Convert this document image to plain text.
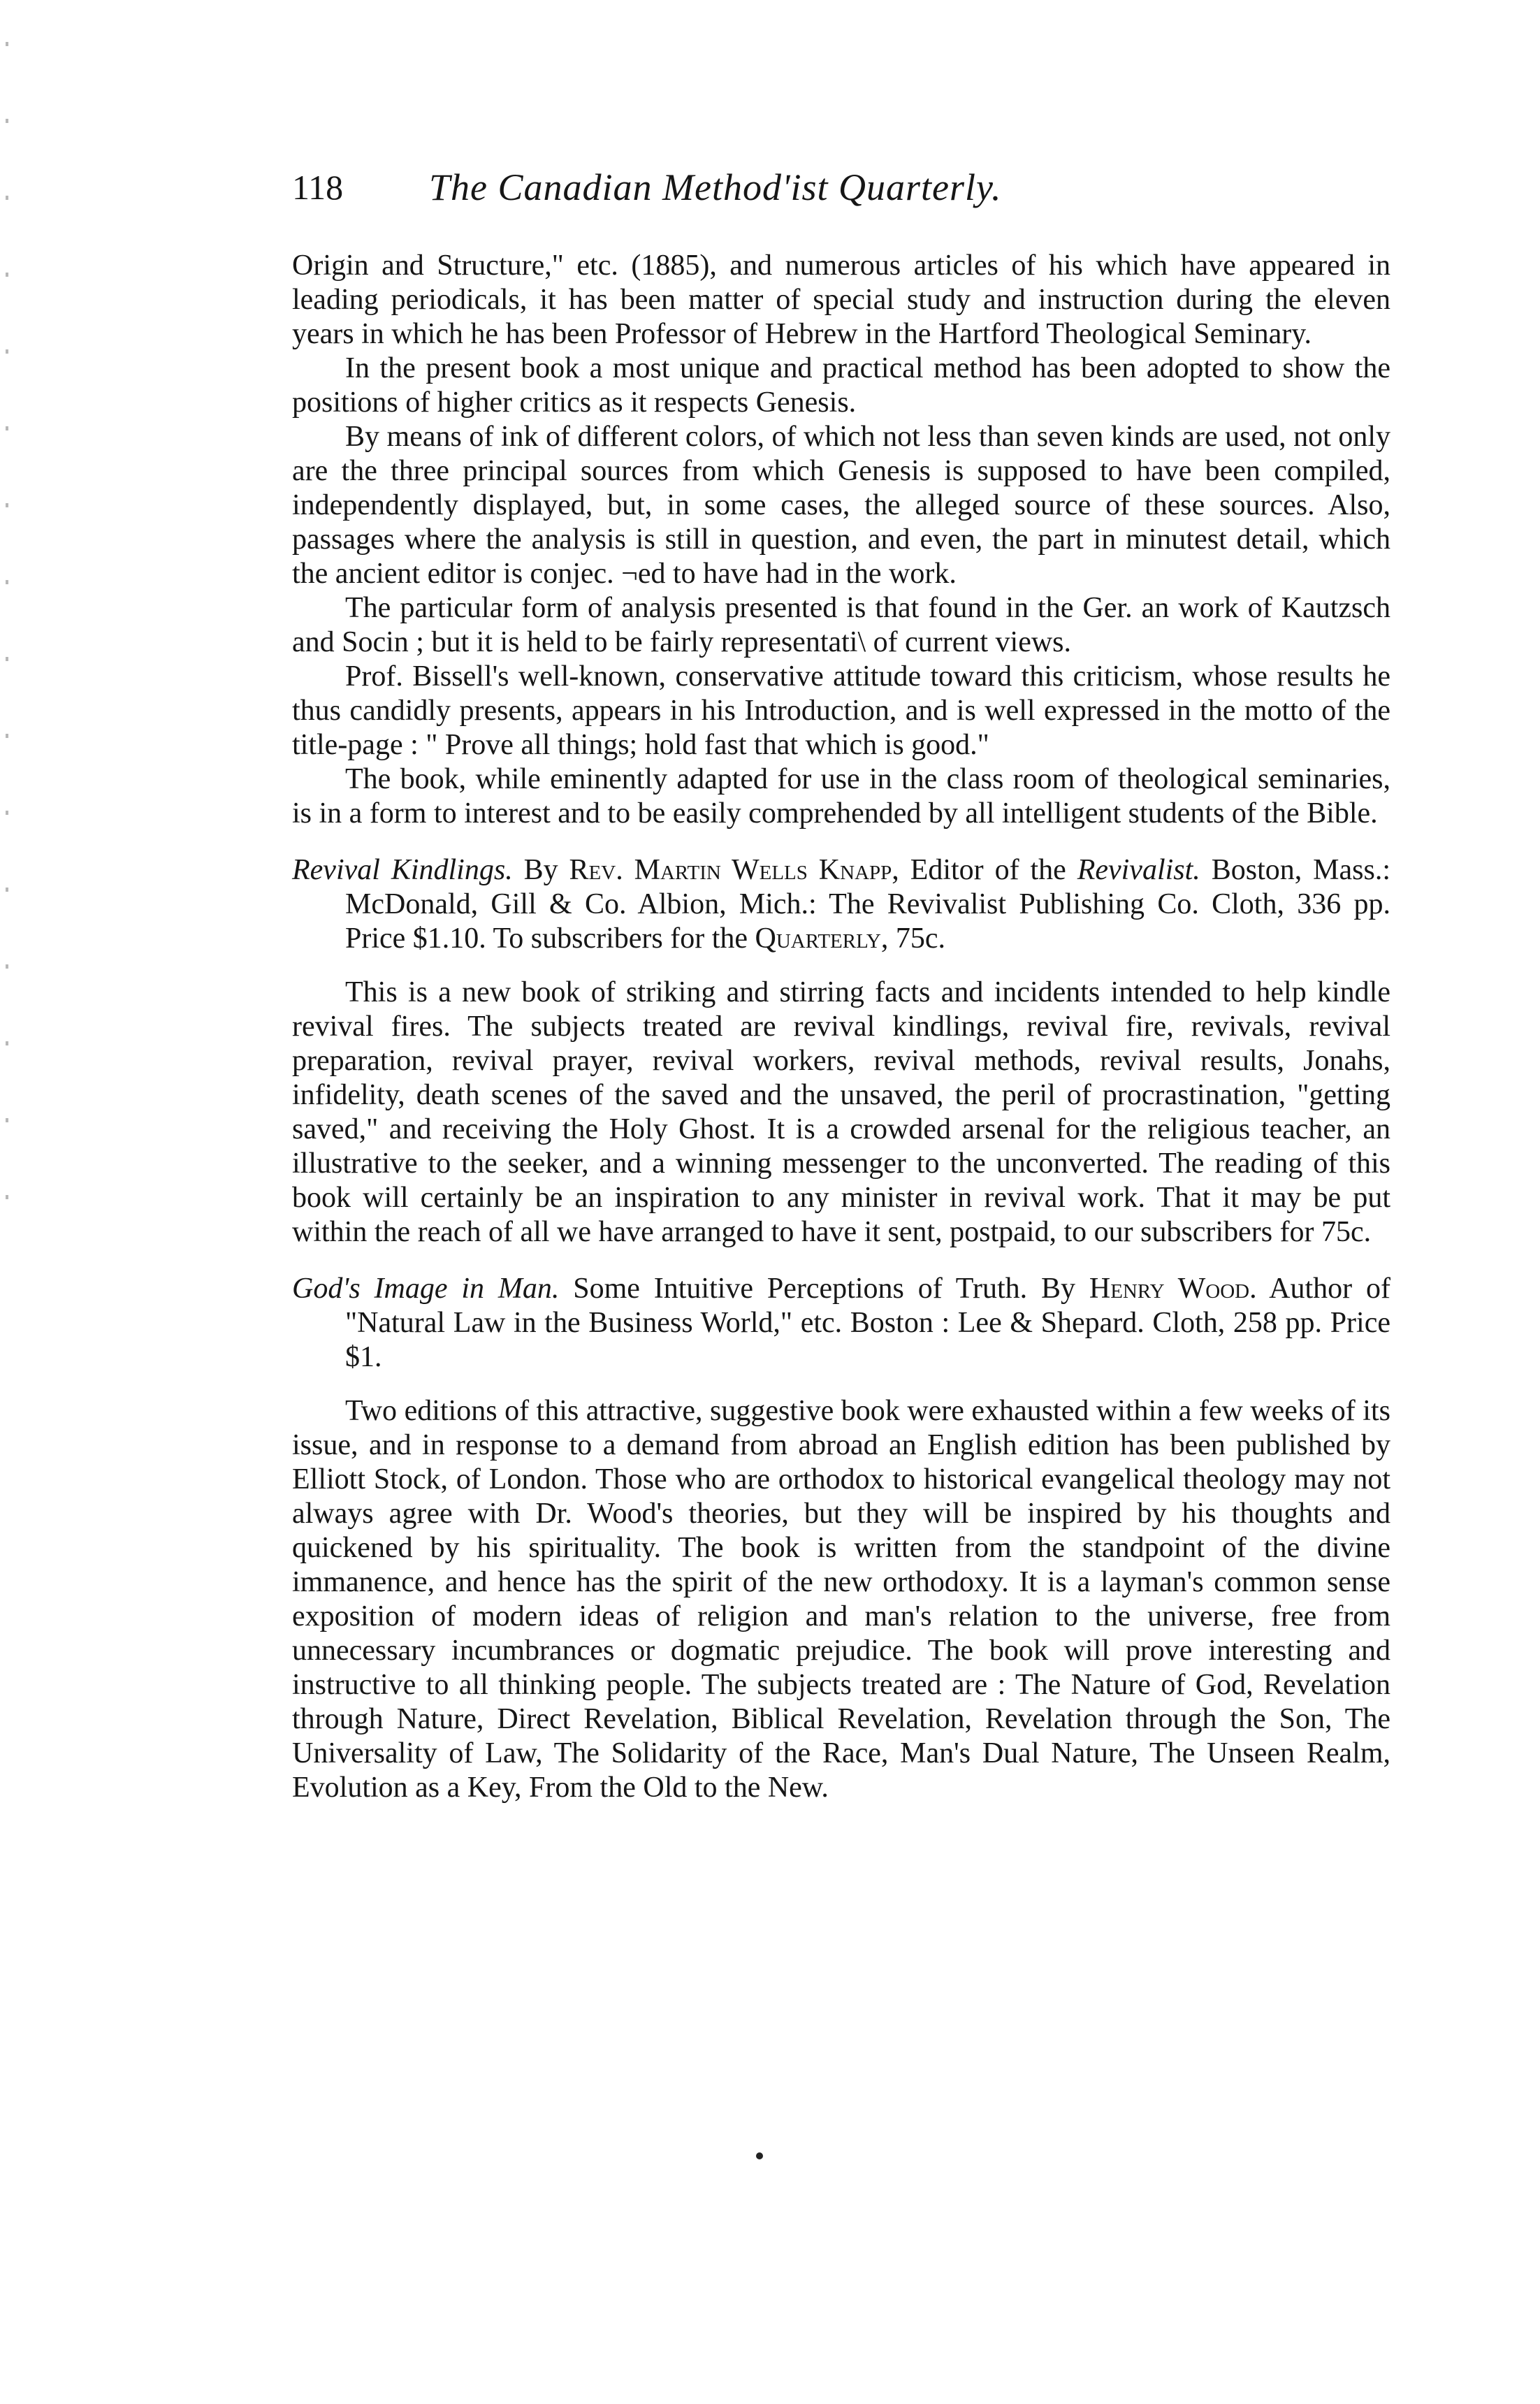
118 The Canadian Method'ist Quarterly.

Origin and Structure," etc. (1885), and numerous articles of his which have appeared in leading periodicals, it has been matter of special study and instruction during the eleven years in which he has been Professor of Hebrew in the Hartford Theological Seminary.

In the present book a most unique and practical method has been adopted to show the positions of higher critics as it respects Genesis.

By means of ink of different colors, of which not less than seven kinds are used, not only are the three principal sources from which Genesis is supposed to have been compiled, independently displayed, but, in some cases, the alleged source of these sources. Also, passages where the analysis is still in question, and even, the part in minutest detail, which the ancient editor is conjec. ¬ed to have had in the work.

The particular form of analysis presented is that found in the Ger. an work of Kautzsch and Socin ; but it is held to be fairly representati\ of current views.

Prof. Bissell's well-known, conservative attitude toward this criticism, whose results he thus candidly presents, appears in his Introduction, and is well expressed in the motto of the title-page : " Prove all things; hold fast that which is good."

The book, while eminently adapted for use in the class room of theological seminaries, is in a form to interest and to be easily comprehended by all intelligent students of the Bible.

Revival Kindlings. By Rev. Martin Wells Knapp, Editor of the Revivalist. Boston, Mass.: McDonald, Gill & Co. Albion, Mich.: The Revivalist Publishing Co. Cloth, 336 pp. Price $1.10. To subscribers for the Quarterly, 75c.

This is a new book of striking and stirring facts and incidents intended to help kindle revival fires. The subjects treated are revival kindlings, revival fire, revivals, revival preparation, revival prayer, revival workers, revival methods, revival results, Jonahs, infidelity, death scenes of the saved and the unsaved, the peril of procrastination, "getting saved," and receiving the Holy Ghost. It is a crowded arsenal for the religious teacher, an illustrative to the seeker, and a winning messenger to the unconverted. The reading of this book will certainly be an inspiration to any minister in revival work. That it may be put within the reach of all we have arranged to have it sent, postpaid, to our subscribers for 75c.

God's Image in Man. Some Intuitive Perceptions of Truth. By Henry Wood. Author of "Natural Law in the Business World," etc. Boston : Lee & Shepard. Cloth, 258 pp. Price $1.

Two editions of this attractive, suggestive book were exhausted within a few weeks of its issue, and in response to a demand from abroad an English edition has been published by Elliott Stock, of London. Those who are orthodox to historical evangelical theology may not always agree with Dr. Wood's theories, but they will be inspired by his thoughts and quickened by his spirituality. The book is written from the standpoint of the divine immanence, and hence has the spirit of the new orthodoxy. It is a layman's common sense exposition of modern ideas of religion and man's relation to the universe, free from unnecessary incumbrances or dogmatic prejudice. The book will prove interesting and instructive to all thinking people. The subjects treated are : The Nature of God, Revelation through Nature, Direct Revelation, Biblical Revelation, Revelation through the Son, The Universality of Law, The Solidarity of the Race, Man's Dual Nature, The Unseen Realm, Evolution as a Key, From the Old to the New.
